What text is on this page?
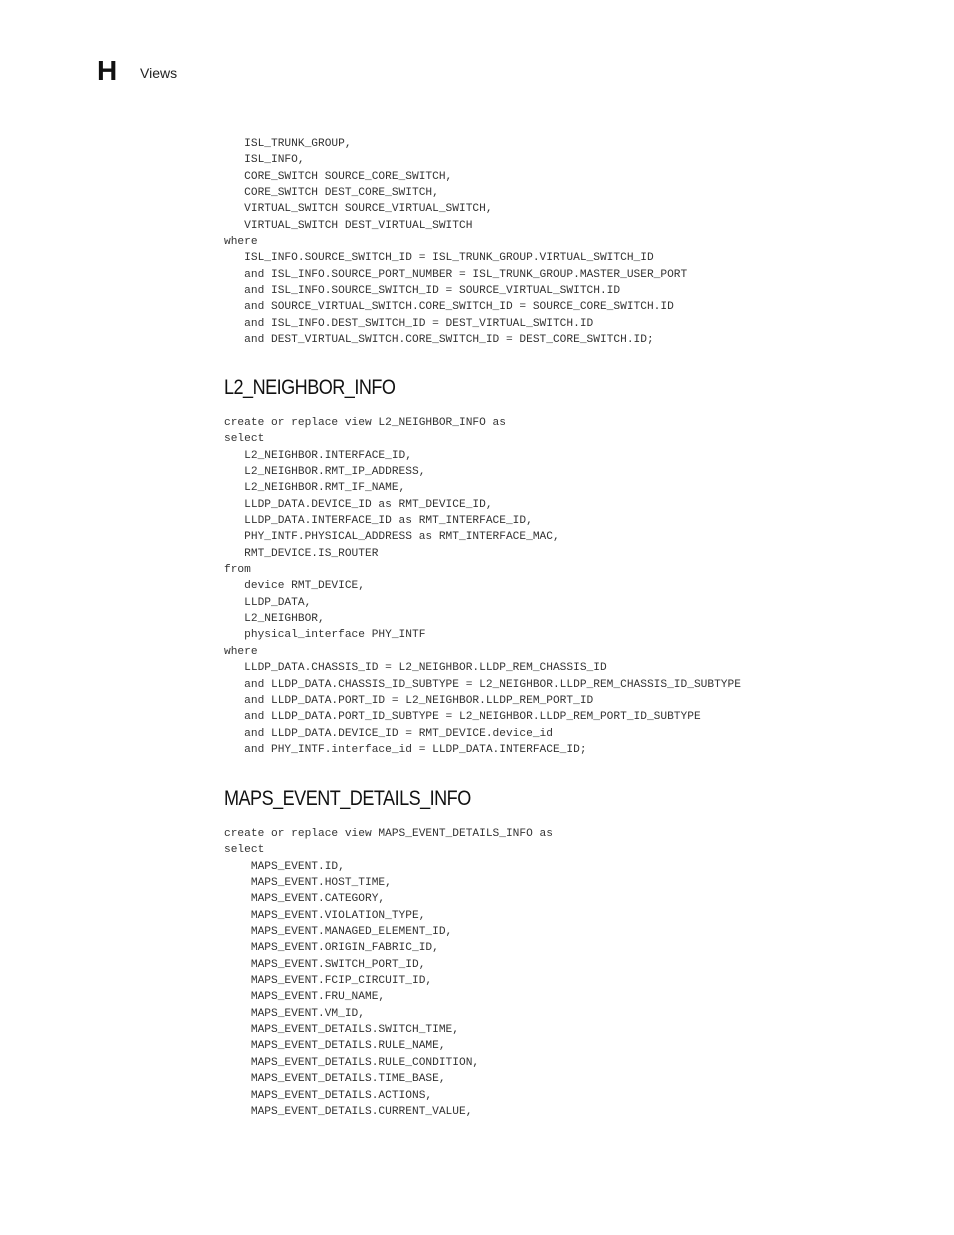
H Views
ISL_TRUNK_GROUP,
ISL_INFO,
CORE_SWITCH SOURCE_CORE_SWITCH,
CORE_SWITCH DEST_CORE_SWITCH,
VIRTUAL_SWITCH SOURCE_VIRTUAL_SWITCH,
VIRTUAL_SWITCH DEST_VIRTUAL_SWITCH
where
ISL_INFO.SOURCE_SWITCH_ID = ISL_TRUNK_GROUP.VIRTUAL_SWITCH_ID
and ISL_INFO.SOURCE_PORT_NUMBER = ISL_TRUNK_GROUP.MASTER_USER_PORT
and ISL_INFO.SOURCE_SWITCH_ID = SOURCE_VIRTUAL_SWITCH.ID
and SOURCE_VIRTUAL_SWITCH.CORE_SWITCH_ID = SOURCE_CORE_SWITCH.ID
and ISL_INFO.DEST_SWITCH_ID = DEST_VIRTUAL_SWITCH.ID
and DEST_VIRTUAL_SWITCH.CORE_SWITCH_ID = DEST_CORE_SWITCH.ID;
L2_NEIGHBOR_INFO
create or replace view L2_NEIGHBOR_INFO as
select
L2_NEIGHBOR.INTERFACE_ID,
L2_NEIGHBOR.RMT_IP_ADDRESS,
L2_NEIGHBOR.RMT_IF_NAME,
LLDP_DATA.DEVICE_ID as RMT_DEVICE_ID,
LLDP_DATA.INTERFACE_ID as RMT_INTERFACE_ID,
PHY_INTF.PHYSICAL_ADDRESS as RMT_INTERFACE_MAC,
RMT_DEVICE.IS_ROUTER
from
device RMT_DEVICE,
LLDP_DATA,
L2_NEIGHBOR,
physical_interface PHY_INTF
where
LLDP_DATA.CHASSIS_ID = L2_NEIGHBOR.LLDP_REM_CHASSIS_ID
and LLDP_DATA.CHASSIS_ID_SUBTYPE = L2_NEIGHBOR.LLDP_REM_CHASSIS_ID_SUBTYPE
and LLDP_DATA.PORT_ID = L2_NEIGHBOR.LLDP_REM_PORT_ID
and LLDP_DATA.PORT_ID_SUBTYPE = L2_NEIGHBOR.LLDP_REM_PORT_ID_SUBTYPE
and LLDP_DATA.DEVICE_ID = RMT_DEVICE.device_id
and PHY_INTF.interface_id = LLDP_DATA.INTERFACE_ID;
MAPS_EVENT_DETAILS_INFO
create or replace view MAPS_EVENT_DETAILS_INFO as
select
MAPS_EVENT.ID,
MAPS_EVENT.HOST_TIME,
MAPS_EVENT.CATEGORY,
MAPS_EVENT.VIOLATION_TYPE,
MAPS_EVENT.MANAGED_ELEMENT_ID,
MAPS_EVENT.ORIGIN_FABRIC_ID,
MAPS_EVENT.SWITCH_PORT_ID,
MAPS_EVENT.FCIP_CIRCUIT_ID,
MAPS_EVENT.FRU_NAME,
MAPS_EVENT.VM_ID,
MAPS_EVENT_DETAILS.SWITCH_TIME,
MAPS_EVENT_DETAILS.RULE_NAME,
MAPS_EVENT_DETAILS.RULE_CONDITION,
MAPS_EVENT_DETAILS.TIME_BASE,
MAPS_EVENT_DETAILS.ACTIONS,
MAPS_EVENT_DETAILS.CURRENT_VALUE,
